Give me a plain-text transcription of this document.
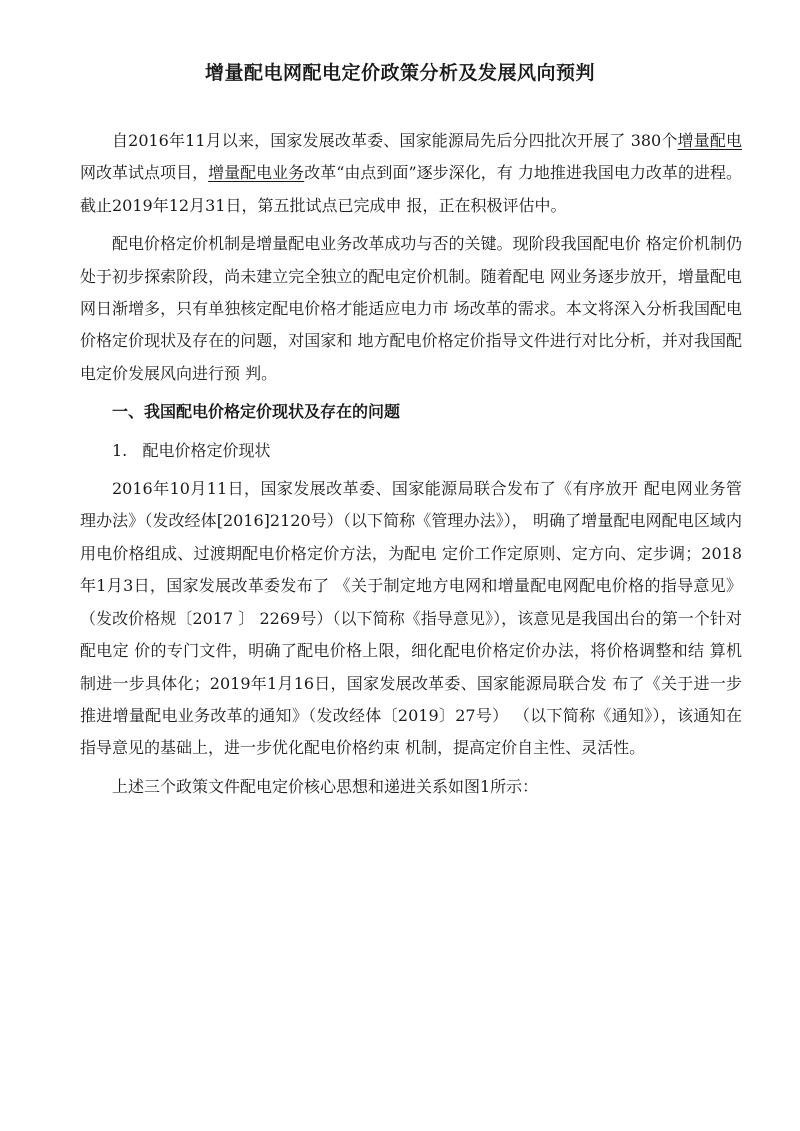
增量配电网配电定价政策分析及发展风向预判

自2016年11月以来，国家发展改革委、国家能源局先后分四批次开展了 380个增量配电网改革试点项目，增量配电业务改革“由点到面”逐步深化，有 力地推进我国电力改革的进程。截止2019年12月31日，第五批试点已完成申 报，正在积极评估中。

配电价格定价机制是增量配电业务改革成功与否的关键。现阶段我国配电价 格定价机制仍处于初步探索阶段，尚未建立完全独立的配电定价机制。随着配电 网业务逐步放开，增量配电网日渐增多，只有单独核定配电价格才能适应电力市 场改革的需求。本文将深入分析我国配电价格定价现状及存在的问题，对国家和 地方配电价格定价指导文件进行对比分析，并对我国配电定价发展风向进行预 判。

一、我国配电价格定价现状及存在的问题

1. 配电价格定价现状

2016年10月11日，国家发展改革委、国家能源局联合发布了《有序放开 配电网业务管理办法》（发改经体[2016]2120号）（以下简称《管理办法》）， 明确了增量配电网配电区域内用电价格组成、过渡期配电价格定价方法，为配电 定价工作定原则、定方向、定步调；2018年1月3日，国家发展改革委发布了 《关于制定地方电网和增量配电网配电价格的指导意见》（发改价格规〔2017 〕 2269号）（以下简称《指导意见》），该意见是我国出台的第一个针对配电定 价的专门文件，明确了配电价格上限，细化配电价格定价办法，将价格调整和结 算机制进一步具体化；2019年1月16日，国家发展改革委、国家能源局联合发 布了《关于进一步推进增量配电业务改革的通知》（发改经体〔2019〕27号） （以下简称《通知》），该通知在指导意见的基础上，进一步优化配电价格约束 机制，提高定价自主性、灵活性。

上述三个政策文件配电定价核心思想和递进关系如图1所示：
